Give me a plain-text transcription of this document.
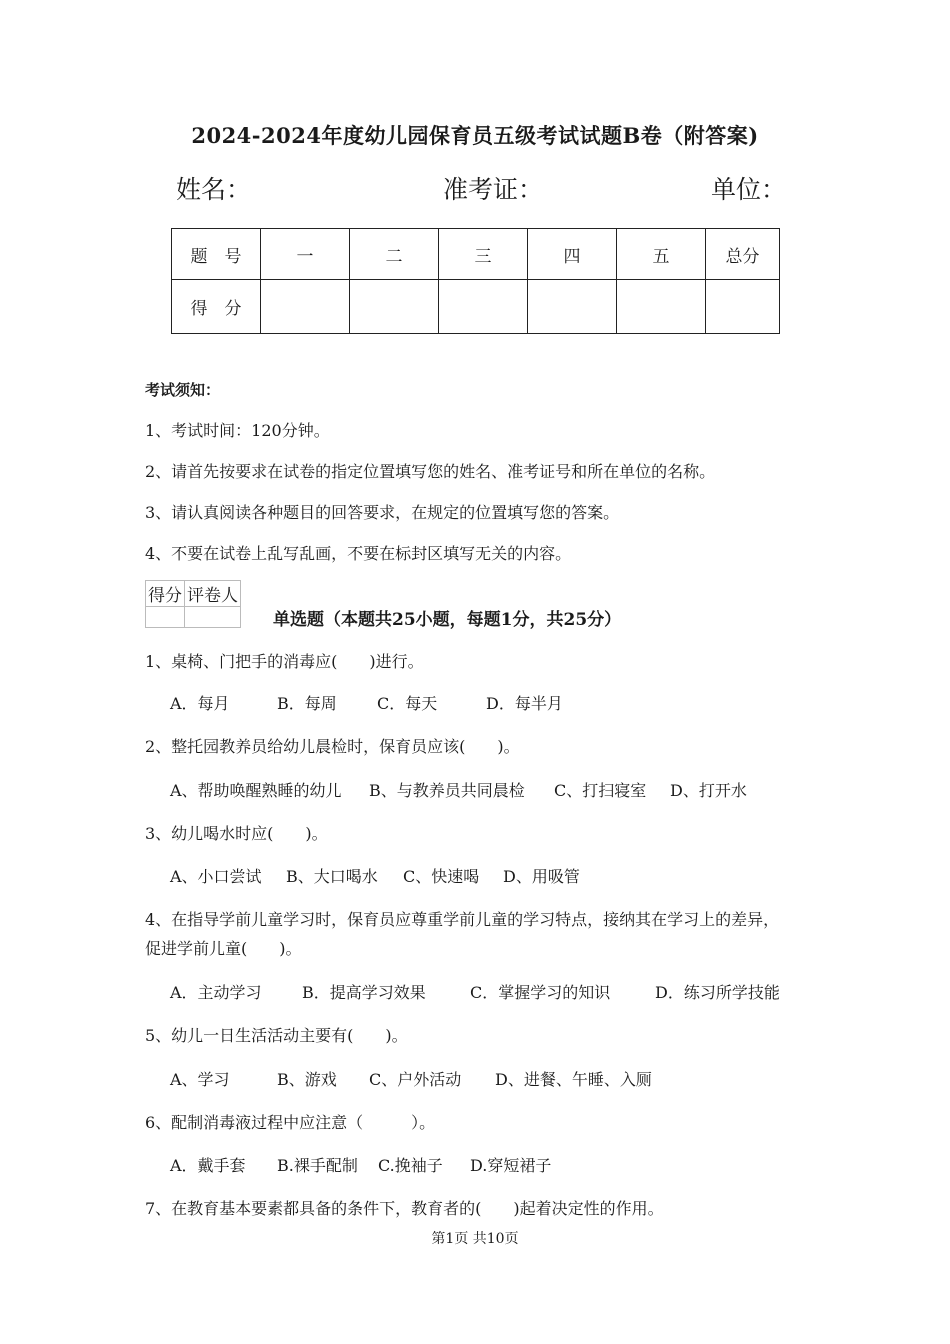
2024-2024年度幼儿园保育员五级考试试题B卷（附答案)
姓名：	准考证：	单位：
题　号	一	二	三	四	五	总分
得　分						
考试须知：
1、考试时间：120分钟。
2、请首先按要求在试卷的指定位置填写您的姓名、准考证号和所在单位的名称。
3、请认真阅读各种题目的回答要求，在规定的位置填写您的答案。
4、不要在试卷上乱写乱画，不要在标封区填写无关的内容。
得分	评卷人

单选题（本题共25小题，每题1分，共25分）
1、桌椅、门把手的消毒应(　　)进行。
A．每月	B．每周	C．每天	D．每半月
2、整托园教养员给幼儿晨检时，保育员应该(　　)。
A、帮助唤醒熟睡的幼儿 B、与教养员共同晨检 C、打扫寝室 D、打开水
3、幼儿喝水时应(　　)。
A、小口尝试 B、大口喝水 C、快速喝 D、用吸管
4、在指导学前儿童学习时，保育员应尊重学前儿童的学习特点，接纳其在学习上的差异，
促进学前儿童(　　)。
A．主动学习	B．提高学习效果	C．掌握学习的知识	D．练习所学技能
5、幼儿一日生活活动主要有(　　)。
A、学习	B、游戏 C、户外活动 D、进餐、午睡、入厕
6、配制消毒液过程中应注意（　　　）。
A．戴手套 B.裸手配制 C.挽袖子 D.穿短裙子
7、在教育基本要素都具备的条件下，教育者的(　　)起着决定性的作用。
第1页 共10页
